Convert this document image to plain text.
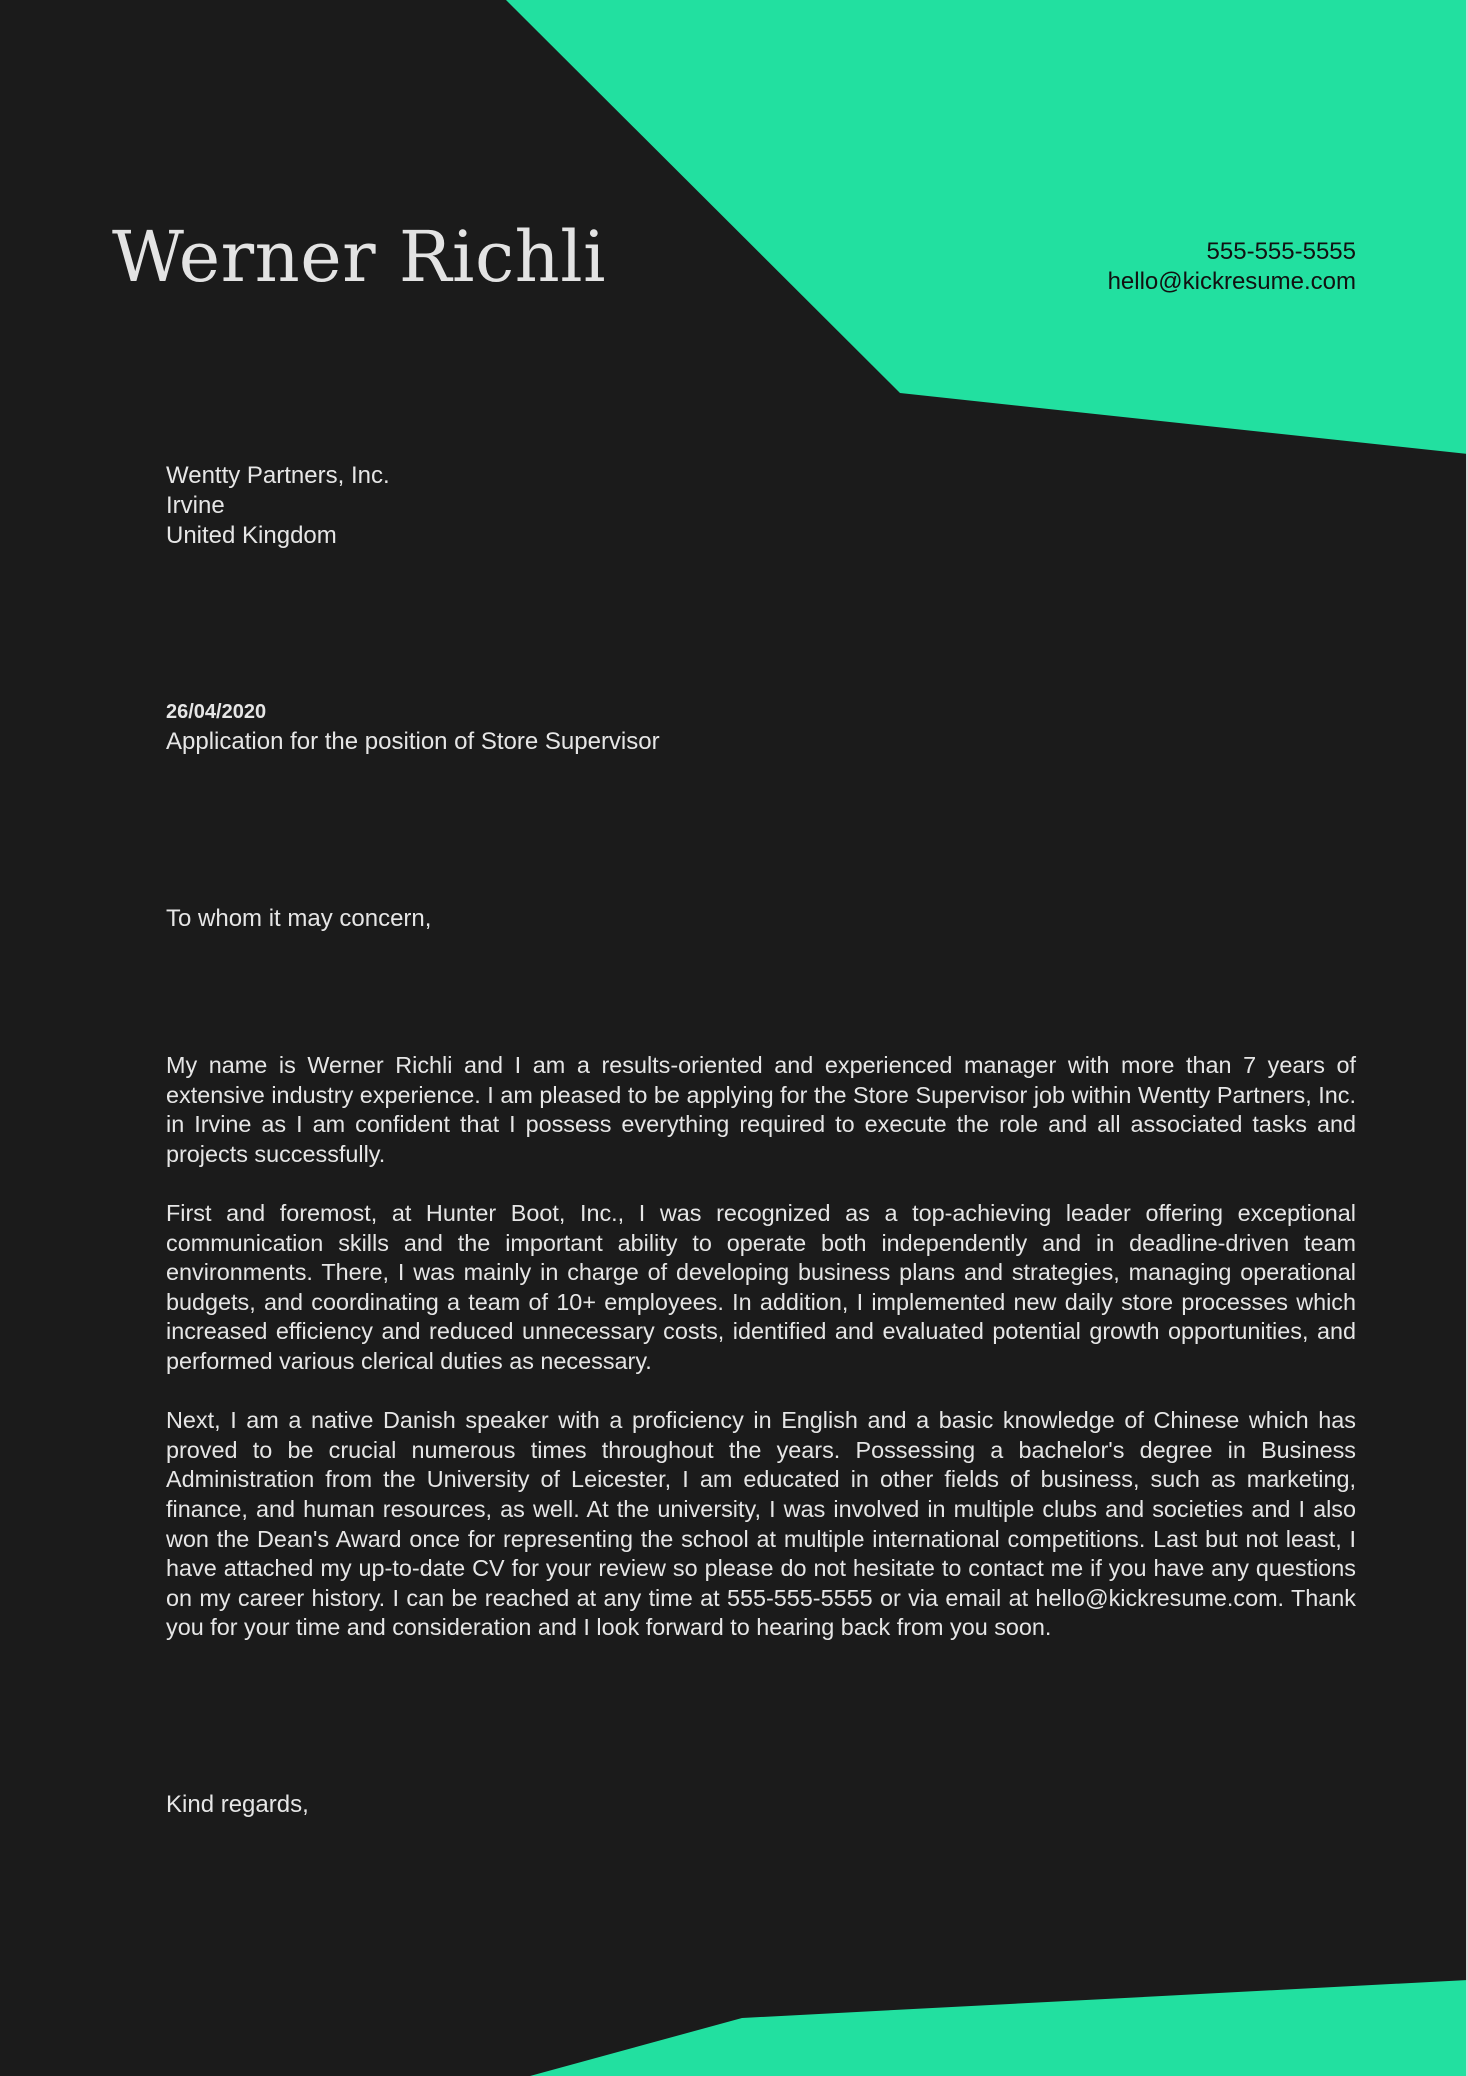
Werner Richli	555-555-5555
hello@kickresume.com
Wentty Partners, Inc.
Irvine
United Kingdom
26/04/2020
Application for the position of Store Supervisor
To whom it may concern,

My name is Werner Richli and I am a results-oriented and experienced manager with more than 7 years of extensive industry experience. I am pleased to be applying for the Store Supervisor job within Wentty Partners, Inc. in Irvine as I am confident that I possess everything required to execute the role and all associated tasks and projects successfully.

First and foremost, at Hunter Boot, Inc., I was recognized as a top-achieving leader offering exceptional communication skills and the important ability to operate both independently and in deadline-driven team environments. There, I was mainly in charge of developing business plans and strategies, managing operational budgets, and coordinating a team of 10+ employees. In addition, I implemented new daily store processes which increased efficiency and reduced unnecessary costs, identified and evaluated potential growth opportunities, and performed various clerical duties as necessary.

Next, I am a native Danish speaker with a proficiency in English and a basic knowledge of Chinese which has proved to be crucial numerous times throughout the years. Possessing a bachelor's degree in Business Administration from the University of Leicester, I am educated in other fields of business, such as marketing, finance, and human resources, as well. At the university, I was involved in multiple clubs and societies and I also won the Dean's Award once for representing the school at multiple international competitions. Last but not least, I have attached my up-to-date CV for your review so please do not hesitate to contact me if you have any questions on my career history. I can be reached at any time at 555-555-5555 or via email at hello@kickresume.com. Thank you for your time and consideration and I look forward to hearing back from you soon.

Kind regards,
